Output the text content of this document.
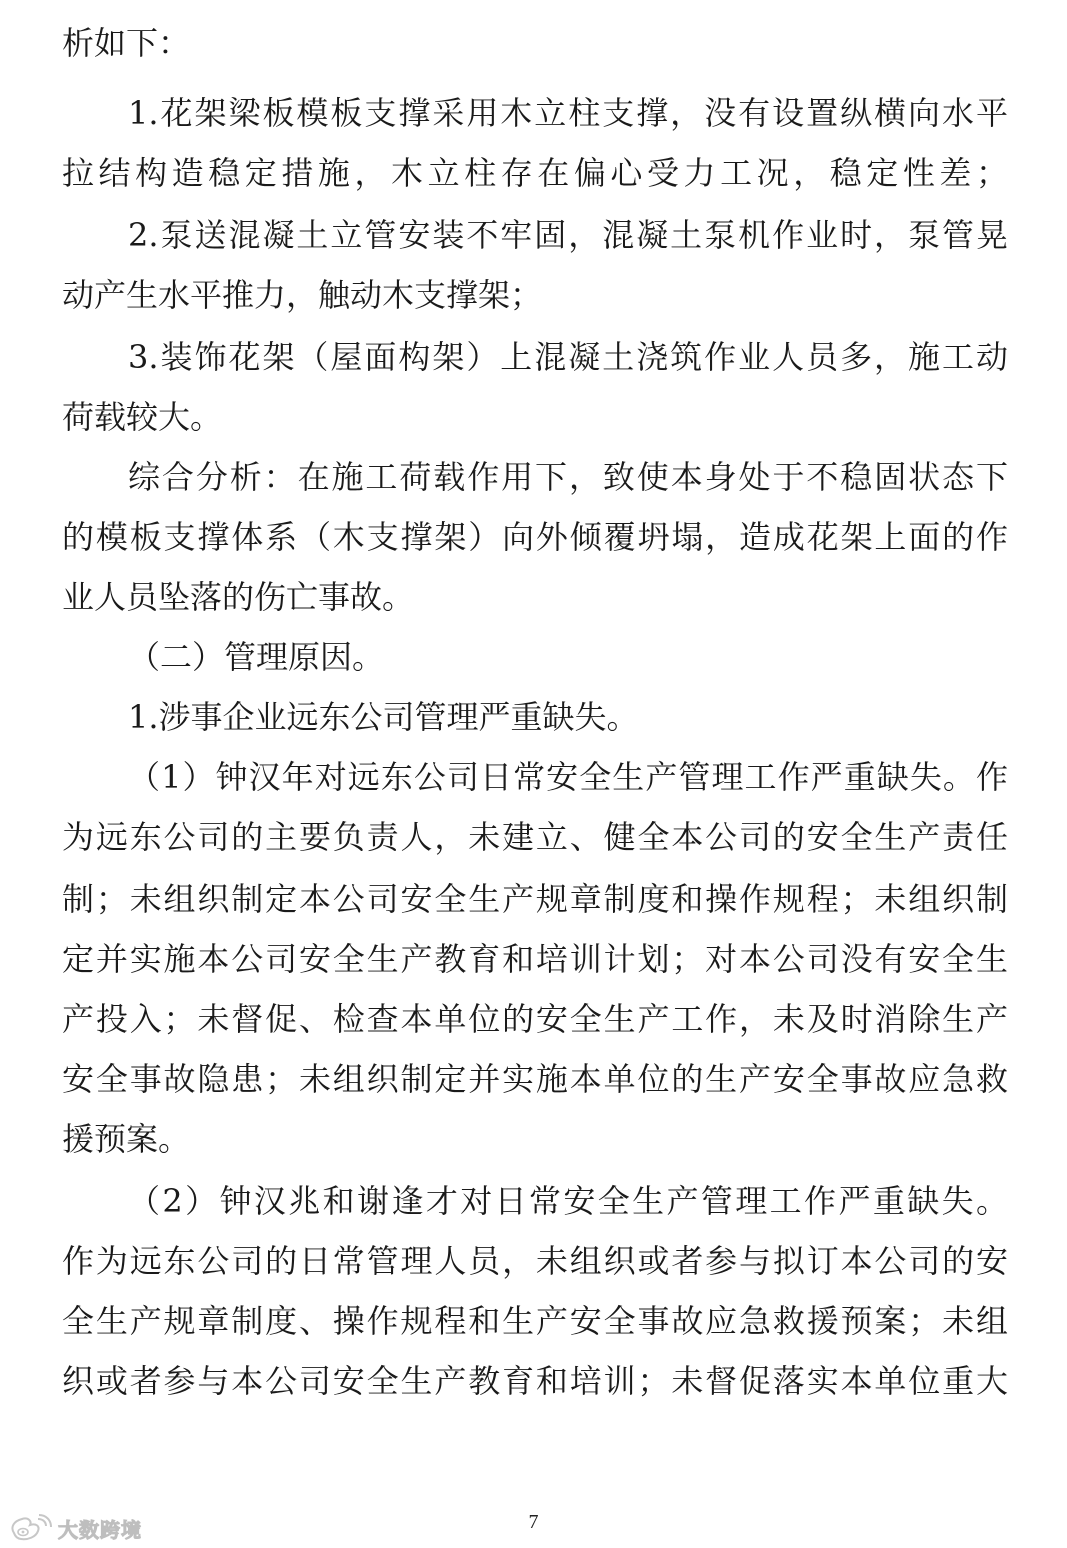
析如下：
1.花架梁板模板支撑采用木立柱支撑，没有设置纵横向水平
拉结构造稳定措施，木立柱存在偏心受力工况，稳定性差；
2.泵送混凝土立管安装不牢固，混凝土泵机作业时，泵管晃
动产生水平推力，触动木支撑架；
3.装饰花架（屋面构架）上混凝土浇筑作业人员多，施工动
荷载较大。
综合分析：在施工荷载作用下，致使本身处于不稳固状态下
的模板支撑体系（木支撑架）向外倾覆坍塌，造成花架上面的作
业人员坠落的伤亡事故。
（二）管理原因。
1.涉事企业远东公司管理严重缺失。
（1）钟汉年对远东公司日常安全生产管理工作严重缺失。作
为远东公司的主要负责人，未建立、健全本公司的安全生产责任
制；未组织制定本公司安全生产规章制度和操作规程；未组织制
定并实施本公司安全生产教育和培训计划；对本公司没有安全生
产投入；未督促、检查本单位的安全生产工作，未及时消除生产
安全事故隐患；未组织制定并实施本单位的生产安全事故应急救
援预案。
（2）钟汉兆和谢逢才对日常安全生产管理工作严重缺失。
作为远东公司的日常管理人员，未组织或者参与拟订本公司的安
全生产规章制度、操作规程和生产安全事故应急救援预案；未组
织或者参与本公司安全生产教育和培训；未督促落实本单位重大
7
大数跨境
